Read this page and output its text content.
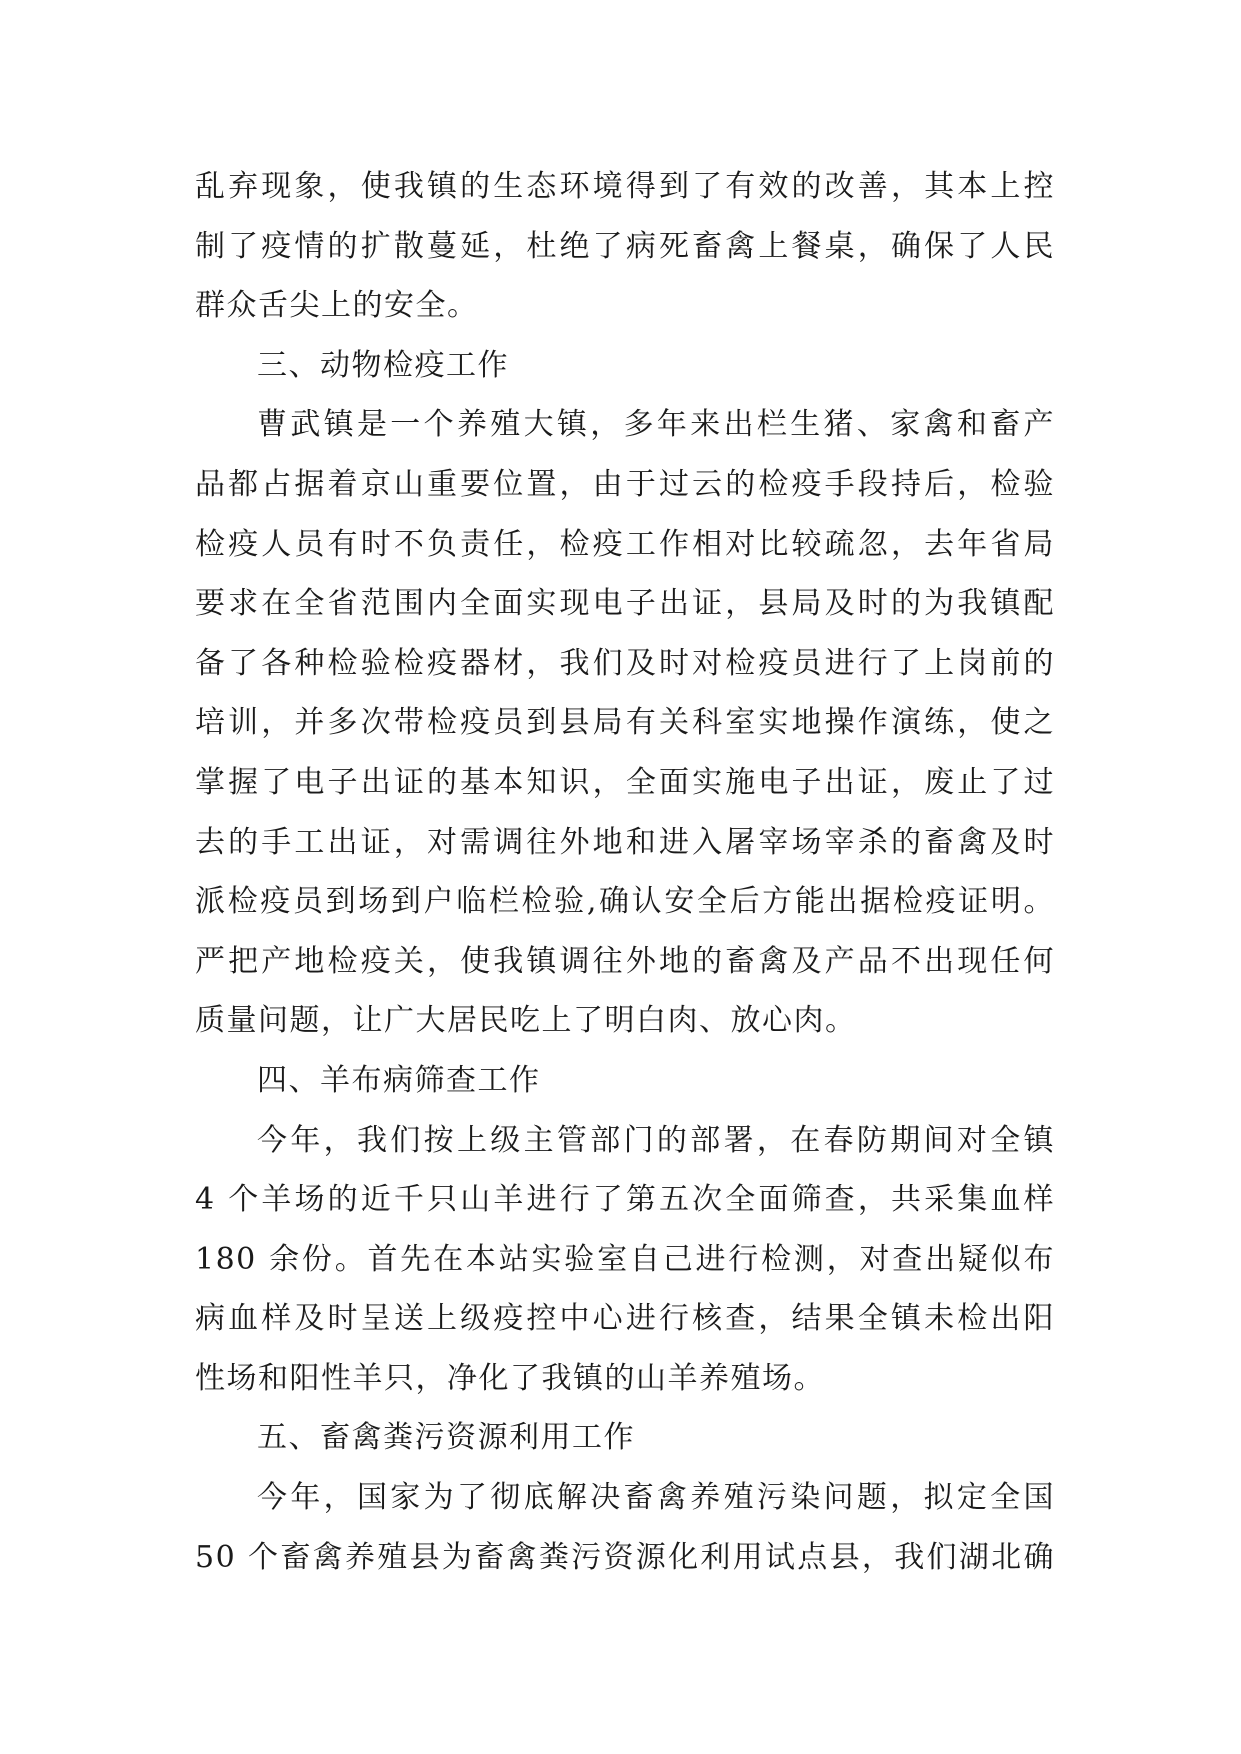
乱弃现象，使我镇的生态环境得到了有效的改善，其本上控
制了疫情的扩散蔓延，杜绝了病死畜禽上餐桌，确保了人民
群众舌尖上的安全。
三、动物检疫工作
曹武镇是一个养殖大镇，多年来出栏生猪、家禽和畜产
品都占据着京山重要位置，由于过云的检疫手段持后，检验
检疫人员有时不负责任，检疫工作相对比较疏忽，去年省局
要求在全省范围内全面实现电子出证，县局及时的为我镇配
备了各种检验检疫器材，我们及时对检疫员进行了上岗前的
培训，并多次带检疫员到县局有关科室实地操作演练，使之
掌握了电子出证的基本知识，全面实施电子出证，废止了过
去的手工出证，对需调往外地和进入屠宰场宰杀的畜禽及时
派检疫员到场到户临栏检验,确认安全后方能出据检疫证明。
严把产地检疫关，使我镇调往外地的畜禽及产品不出现任何
质量问题，让广大居民吃上了明白肉、放心肉。
四、羊布病筛查工作
今年，我们按上级主管部门的部署，在春防期间对全镇
4 个羊场的近千只山羊进行了第五次全面筛查，共采集血样
180 余份。首先在本站实验室自己进行检测，对查出疑似布
病血样及时呈送上级疫控中心进行核查，结果全镇未检出阳
性场和阳性羊只，净化了我镇的山羊养殖场。
五、畜禽粪污资源利用工作
今年，国家为了彻底解决畜禽养殖污染问题，拟定全国
50 个畜禽养殖县为畜禽粪污资源化利用试点县，我们湖北确
